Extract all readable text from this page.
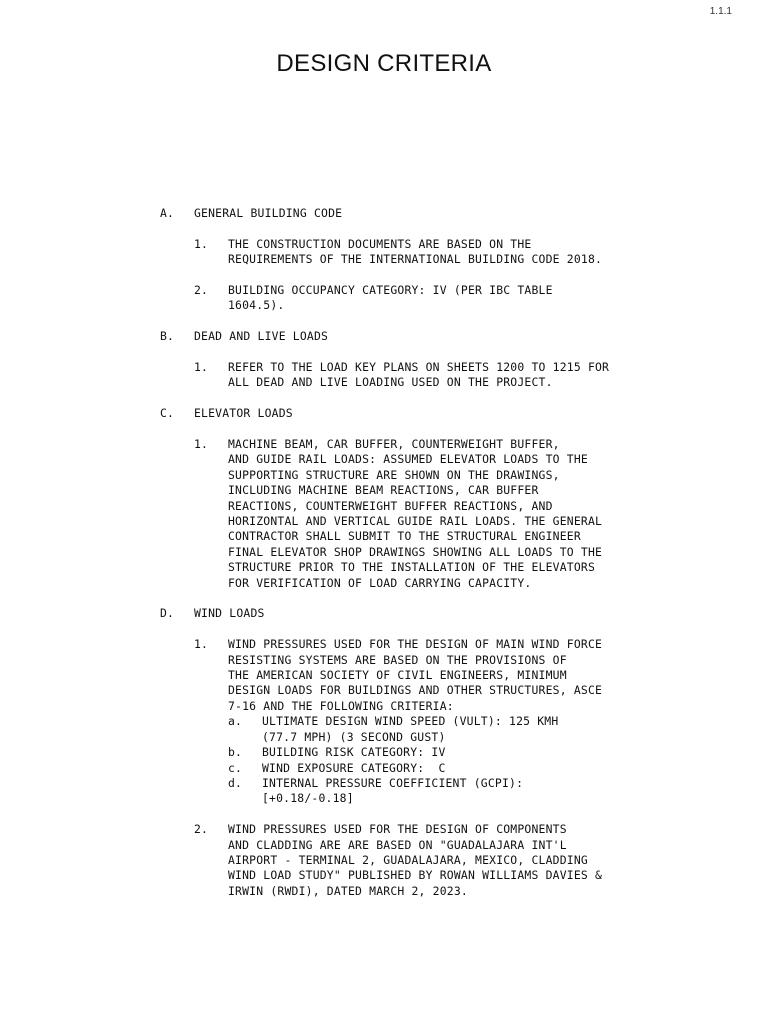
1.1.1
DESIGN CRITERIA
A. GENERAL BUILDING CODE
1. THE CONSTRUCTION DOCUMENTS ARE BASED ON THE
REQUIREMENTS OF THE INTERNATIONAL BUILDING CODE 2018.
2. BUILDING OCCUPANCY CATEGORY: IV (PER IBC TABLE
1604.5).
B. DEAD AND LIVE LOADS
1. REFER TO THE LOAD KEY PLANS ON SHEETS 1200 TO 1215 FOR
ALL DEAD AND LIVE LOADING USED ON THE PROJECT.
C. ELEVATOR LOADS
1. MACHINE BEAM, CAR BUFFER, COUNTERWEIGHT BUFFER,
AND GUIDE RAIL LOADS: ASSUMED ELEVATOR LOADS TO THE
SUPPORTING STRUCTURE ARE SHOWN ON THE DRAWINGS,
INCLUDING MACHINE BEAM REACTIONS, CAR BUFFER
REACTIONS, COUNTERWEIGHT BUFFER REACTIONS, AND
HORIZONTAL AND VERTICAL GUIDE RAIL LOADS. THE GENERAL
CONTRACTOR SHALL SUBMIT TO THE STRUCTURAL ENGINEER
FINAL ELEVATOR SHOP DRAWINGS SHOWING ALL LOADS TO THE
STRUCTURE PRIOR TO THE INSTALLATION OF THE ELEVATORS
FOR VERIFICATION OF LOAD CARRYING CAPACITY.
D. WIND LOADS
1. WIND PRESSURES USED FOR THE DESIGN OF MAIN WIND FORCE
RESISTING SYSTEMS ARE BASED ON THE PROVISIONS OF
THE AMERICAN SOCIETY OF CIVIL ENGINEERS, MINIMUM
DESIGN LOADS FOR BUILDINGS AND OTHER STRUCTURES, ASCE
7-16 AND THE FOLLOWING CRITERIA:
a. ULTIMATE DESIGN WIND SPEED (VULT): 125 KMH
(77.7 MPH) (3 SECOND GUST)
b. BUILDING RISK CATEGORY: IV
c. WIND EXPOSURE CATEGORY:  C
d. INTERNAL PRESSURE COEFFICIENT (GCPI):
[+0.18/-0.18]
2. WIND PRESSURES USED FOR THE DESIGN OF COMPONENTS
AND CLADDING ARE ARE BASED ON "GUADALAJARA INT'L
AIRPORT - TERMINAL 2, GUADALAJARA, MEXICO, CLADDING
WIND LOAD STUDY" PUBLISHED BY ROWAN WILLIAMS DAVIES &
IRWIN (RWDI), DATED MARCH 2, 2023.
